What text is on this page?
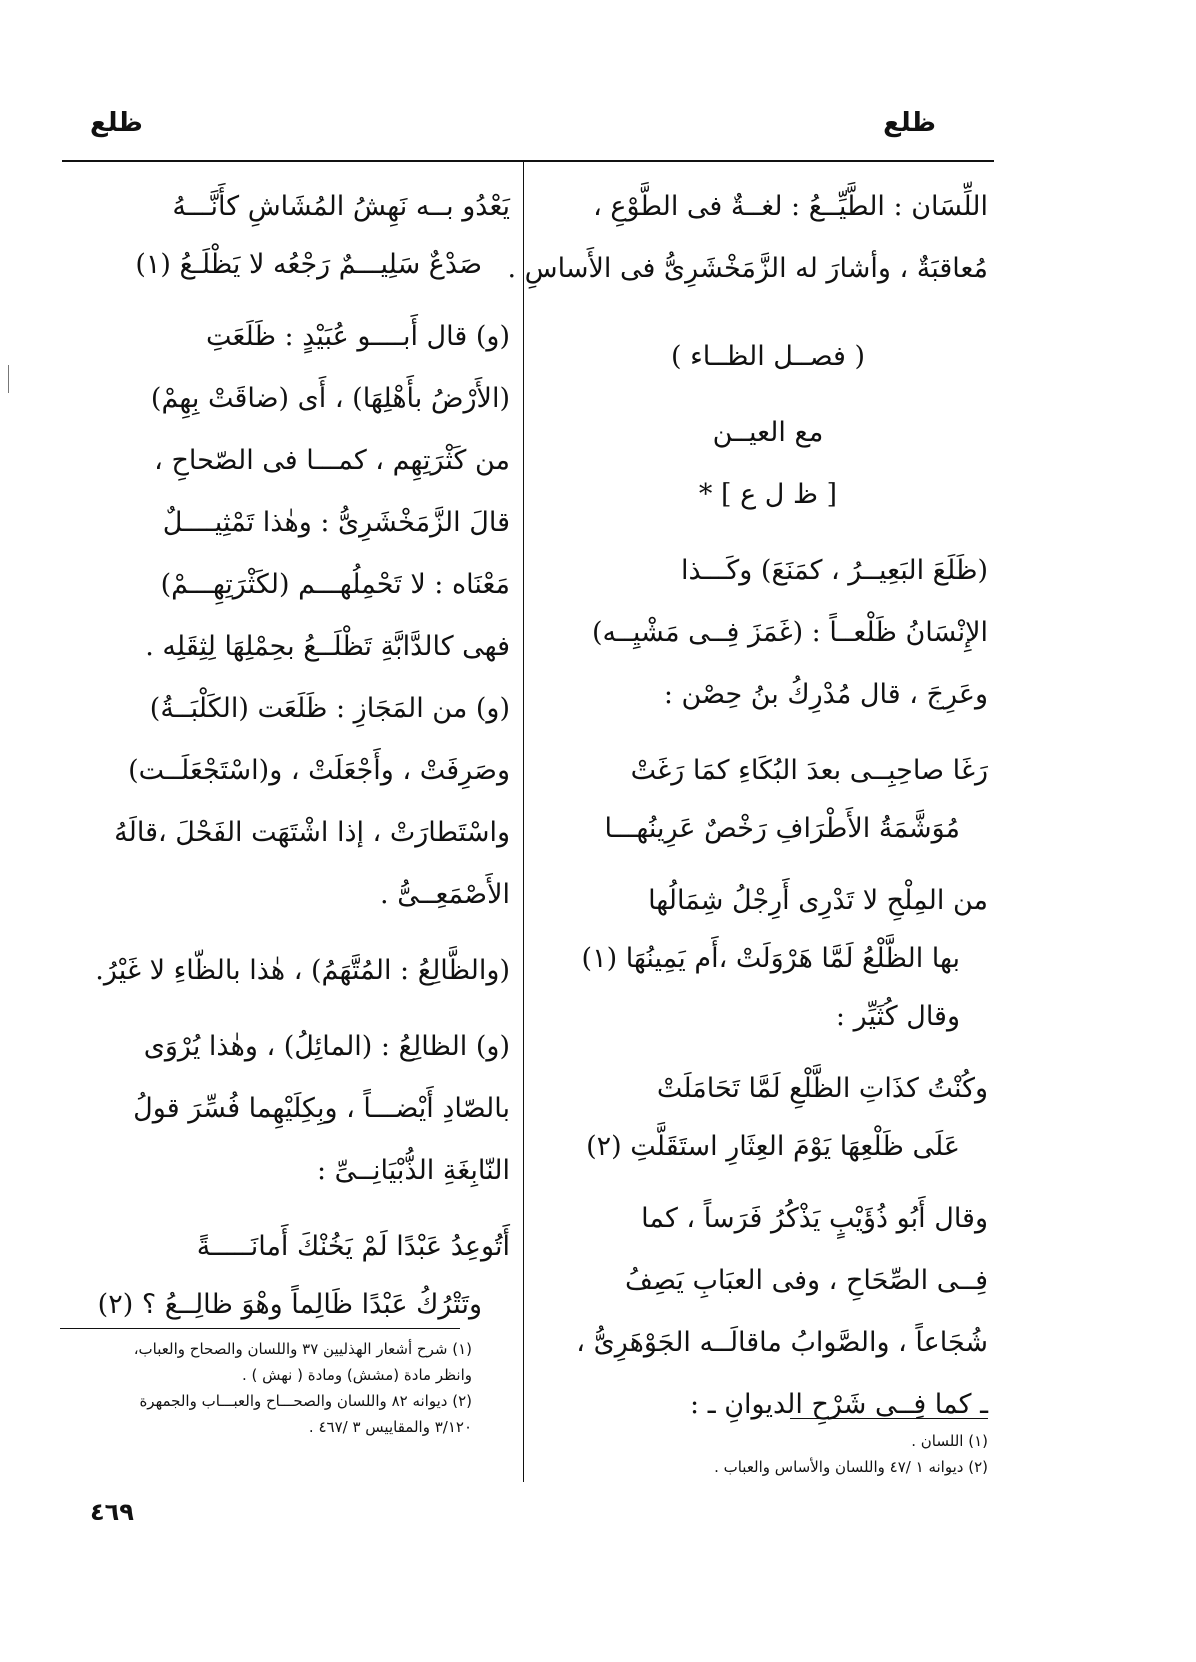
ظلع
ظلع

اللِّسَان : الطَّيِّــعُ : لغــةٌ فى الطَّوْعِ ،

مُعاقبَةٌ ، وأشارَ له الزَّمَخْشَرِىُّ فى الأَساسِ .

( فصــل الظــاء )

مع العيــن

[ ظ ل ع ] *

(ظَلَعَ البَعِيــرُ ، كمَنَعَ) وكَـــذا

الإِنْسَانُ ظَلْعــاً : (غَمَزَ فِــى مَشْيِــه)

وعَرِجَ ، قال مُدْرِكُ بنُ حِصْن :

رَغَا صاحِبِــى بعدَ البُكَاءِ كمَا رَغَتْ

مُوَشَّمَةُ الأَطْرَافِ رَخْصٌ عَرِينُهـــا

من المِلْحِ لا تَدْرِى أَرِجْلُ شِمَالُها

بها الظَّلْعُ لَمَّا هَرْوَلَتْ ،أَم يَمِينُهَا (١)

وقال كُثَيِّر :

وكُنْتُ كذَاتِ الظَّلْعِ لَمَّا تَحَامَلَتْ

عَلَى ظَلْعِهَا يَوْمَ العِثَارِ استَقَلَّتِ (٢)

وقال أَبُو ذُؤَيْبٍ يَذْكُرُ فَرَساً ، كما

فِــى الصِّحَاحِ ، وفى العبَابِ يَصِفُ

شُجَاعاً ، والصَّوابُ ماقالَــه الجَوْهَرِىُّ ،

ـ كما فِــى شَرْحِ الديوانِ ـ :

(١) اللسان .
(٢) ديوانه ١ /٤٧ واللسان والأساس والعباب .

يَعْدُو بــه نَهِشُ المُشَاشِ كأَنَّـــهُ

صَدْعٌ سَلِيـــمٌ رَجْعُه لا يَظْلَـعُ (١)

(و) قال أَبــــو عُبَيْدٍ : ظَلَعَتِ

(الأَرْضُ بأَهْلِهَا) ، أَى (ضاقَتْ بِهِمْ)

من كَثْرَتِهِم ، كمـــا فى الصّحاحِ ،

قالَ الزَّمَخْشَرِىُّ : وهٰذا تَمْثِيــــلٌ

مَعْنَاه : لا تَحْمِلُهـــم (لكَثْرَتِهِـــمْ)

فهى كالدَّابَّةِ تَظْلَــعُ بحِمْلِهَا لِثِقَلِه .

(و) من المَجَازِ : ظَلَعَت (الكَلْبَــةُ)

وصَرِفَتْ ، وأَجْعَلَتْ ، و(اسْتَجْعَلَــت)

واسْتَطارَتْ ، إذا اشْتَهَت الفَحْلَ ،قالَهُ

الأَصْمَعِــىُّ .

(والظَّالِعُ : المُتَّهَمُ) ، هٰذا بالظّاءِ لا غَيْرُ.

(و) الظالِعُ : (المائِلُ) ، وهٰذا يُرْوَى

بالصّادِ أَيْضـــاً ، وبِكِلَيْهِما فُسِّرَ قولُ

النّابِغَةِ الذُّبْيَانِــىِّ :

أَتُوعِدُ عَبْدًا لَمْ يَخُنْكَ أَمانَـــــةً

وتَتْرُكُ عَبْدًا ظَالِماً وهْوَ ظالِــعُ ؟ (٢)

(١) شرح أشعار الهذليين ٣٧ واللسان والصحاح والعباب،
وانظر مادة (مشش) ومادة ( نهش ) .
(٢) ديوانه ٨٢ واللسان والصحـــاح والعبـــاب والجمهرة
٣/١٢٠ والمقاييس ٣ /٤٦٧ .
٤٦٩
